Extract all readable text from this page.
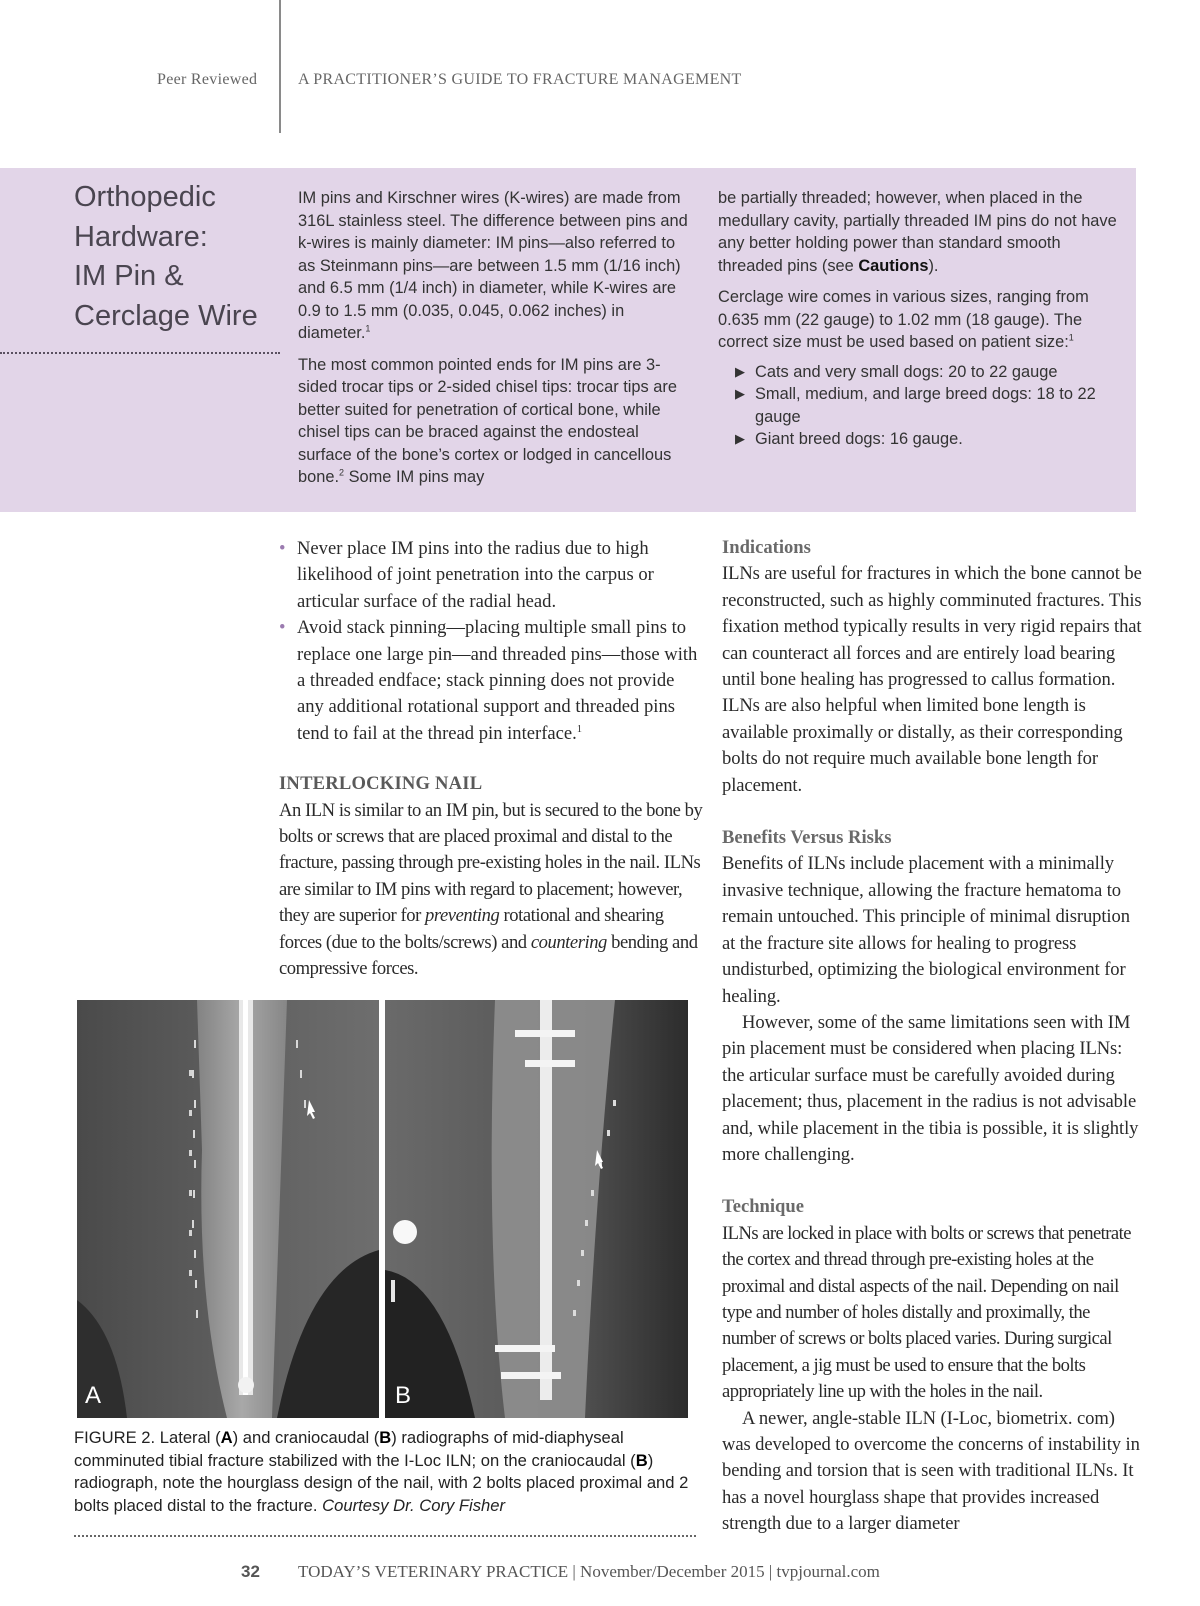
Peer Reviewed	A PRACTITIONER’S GUIDE TO FRACTURE MANAGEMENT
Orthopedic
Hardware:
IM Pin &
Cerclage Wire

IM pins and Kirschner wires (K-wires) are made from 316L stainless steel. The difference between pins and k-wires is mainly diameter: IM pins—also referred to as Steinmann pins—are between 1.5 mm (1/16 inch) and 6.5 mm (1/4 inch) in diameter, while K-wires are 0.9 to 1.5 mm (0.035, 0.045, 0.062 inches) in diameter.$^1$

The most common pointed ends for IM pins are 3-sided trocar tips or 2-sided chisel tips: trocar tips are better suited for penetration of cortical bone, while chisel tips can be braced against the endosteal surface of the bone’s cortex or lodged in cancellous bone.$^2$ Some IM pins may

be partially threaded; however, when placed in the medullary cavity, partially threaded IM pins do not have any better holding power than standard smooth threaded pins (see Cautions).

Cerclage wire comes in various sizes, ranging from 0.635 mm (22 gauge) to 1.02 mm (18 gauge). The correct size must be used based on patient size:$^1$

▶ Cats and very small dogs: 20 to 22 gauge
▶ Small, medium, and large breed dogs: 18 to 22 gauge
▶ Giant breed dogs: 16 gauge.
• Never place IM pins into the radius due to high likelihood of joint penetration into the carpus or articular surface of the radial head.
• Avoid stack pinning—placing multiple small pins to replace one large pin—and threaded pins—those with a threaded endface; stack pinning does not provide any additional rotational support and threaded pins tend to fail at the thread pin interface.$^1$

INTERLOCKING NAIL

An ILN is similar to an IM pin, but is secured to the bone by bolts or screws that are placed proximal and distal to the fracture, passing through pre-existing holes in the nail. ILNs are similar to IM pins with regard to placement; however, they are superior for preventing rotational and shearing forces (due to the bolts/screws) and countering bending and compressive forces.

A	B
FIGURE 2. Lateral (A) and craniocaudal (B) radiographs of mid-diaphyseal comminuted tibial fracture stabilized with the I-Loc ILN; on the craniocaudal (B) radiograph, note the hourglass design of the nail, with 2 bolts placed proximal and 2 bolts placed distal to the fracture. Courtesy Dr. Cory Fisher

Indications

ILNs are useful for fractures in which the bone cannot be reconstructed, such as highly comminuted fractures. This fixation method typically results in very rigid repairs that can counteract all forces and are entirely load bearing until bone healing has progressed to callus formation. ILNs are also helpful when limited bone length is available proximally or distally, as their corresponding bolts do not require much available bone length for placement.

Benefits Versus Risks

Benefits of ILNs include placement with a minimally invasive technique, allowing the fracture hematoma to remain untouched. This principle of minimal disruption at the fracture site allows for healing to progress undisturbed, optimizing the biological environment for healing.

However, some of the same limitations seen with IM pin placement must be considered when placing ILNs: the articular surface must be carefully avoided during placement; thus, placement in the radius is not advisable and, while placement in the tibia is possible, it is slightly more challenging.

Technique

ILNs are locked in place with bolts or screws that penetrate the cortex and thread through pre-existing holes at the proximal and distal aspects of the nail. Depending on nail type and number of holes distally and proximally, the number of screws or bolts placed varies. During surgical placement, a jig must be used to ensure that the bolts appropriately line up with the holes in the nail.

A newer, angle-stable ILN (I-Loc, biometrix. com) was developed to overcome the concerns of instability in bending and torsion that is seen with traditional ILNs. It has a novel hourglass shape that provides increased strength due to a larger diameter

32 TODAY’S VETERINARY PRACTICE | November/December 2015 | tvpjournal.com
